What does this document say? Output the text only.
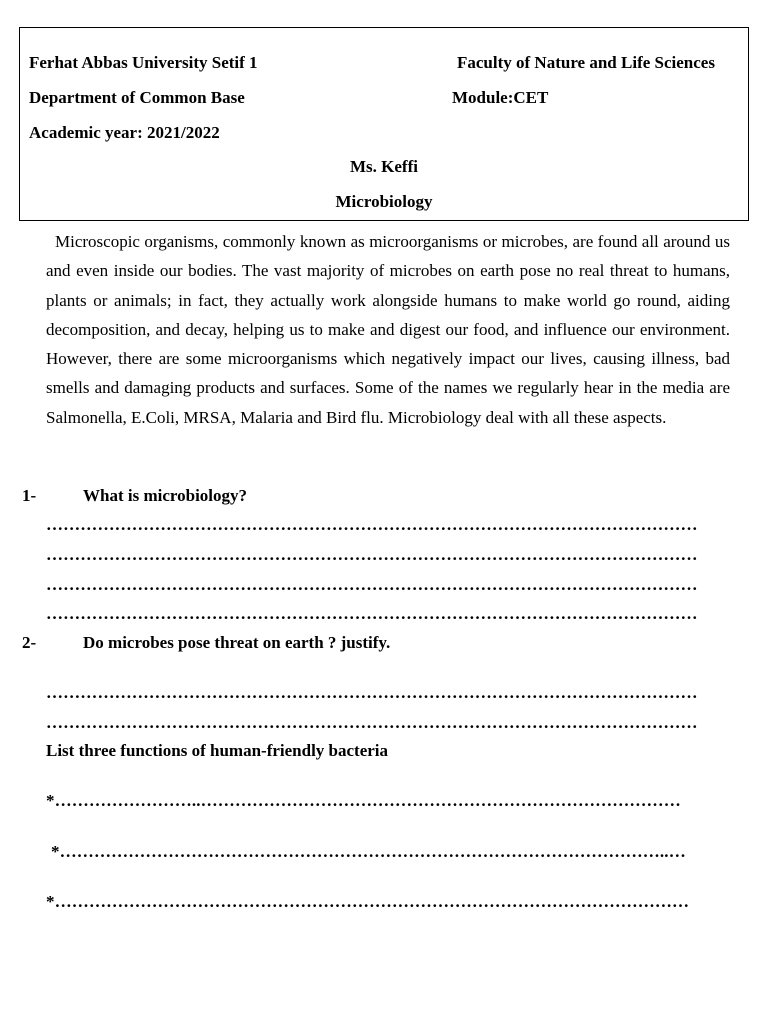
Ferhat Abbas University Setif 1	Faculty of Nature and Life Sciences
Department of Common Base	Module:CET
Academic year: 2021/2022
Ms. Keffi
Microbiology
Microscopic organisms, commonly known as microorganisms or microbes, are found all around us and even inside our bodies. The vast majority of microbes on earth pose no real threat to humans, plants or animals; in fact, they actually work alongside humans to make world go round, aiding decomposition, and decay, helping us to make and digest our food, and influence our environment. However, there are some microorganisms which negatively impact our lives, causing illness, bad smells and damaging products and surfaces. Some of the names we regularly hear in the media are Salmonella, E.Coli, MRSA, Malaria and Bird flu. Microbiology deal with all these aspects.
1-	What is microbiology?
……………………………………………………………………………………………………
……………………………………………………………………………………………………
……………………………………………………………………………………………………
……………………………………………………………………………………………………
2-	Do microbes pose threat on earth ? justify.
……………………………………………………………………………………………………
……………………………………………………………………………………………………
List three functions of human-friendly bacteria
*……………………..…………………………………………………………………………
*……………………………………………………………………………………………..…
*…………………………………………………………………………………………………
